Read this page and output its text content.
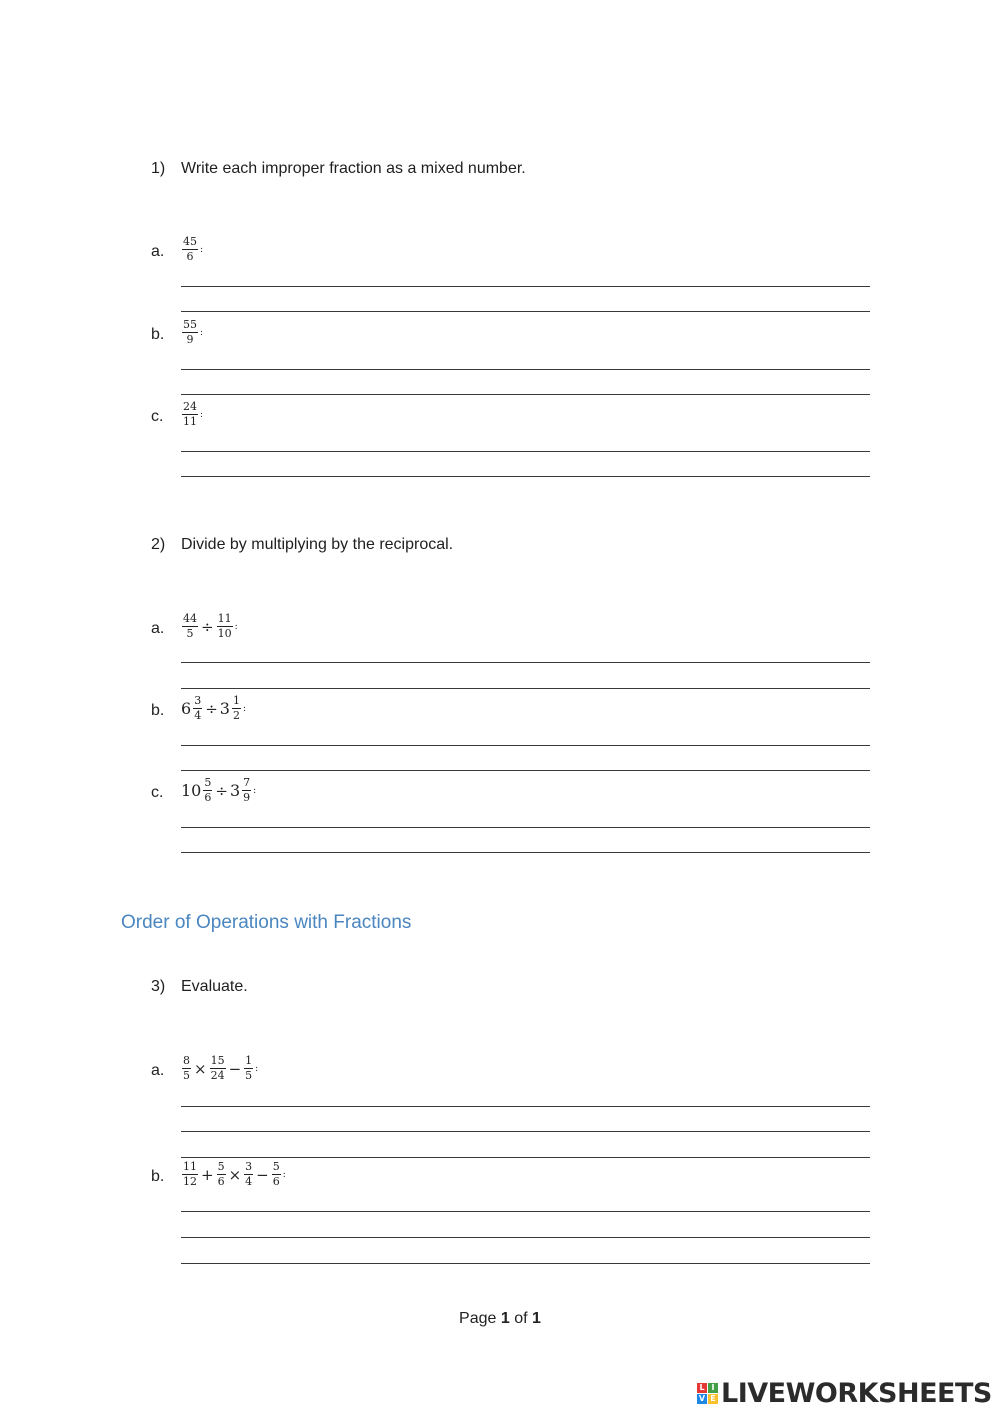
1) Write each improper fraction as a mixed number.
a. $\frac{45}{6}$ :
b. $\frac{55}{9}$ :
c. $\frac{24}{11}$ :
2) Divide by multiplying by the reciprocal.
a. $\frac{44}{5} \div \frac{11}{10}$ :
b. $6 \frac{3}{4} \div 3 \frac{1}{2}$ :
c. $10 \frac{5}{6} \div 3 \frac{7}{9}$ :
Order of Operations with Fractions
3) Evaluate.
a. $\frac{8}{5} \times \frac{15}{24} - \frac{1}{5}$ :
b. $\frac{11}{12} + \frac{5}{6} \times \frac{3}{4} - \frac{5}{6}$ :
Page 1 of 1
L I
V E LIVEWORKSHEETS
